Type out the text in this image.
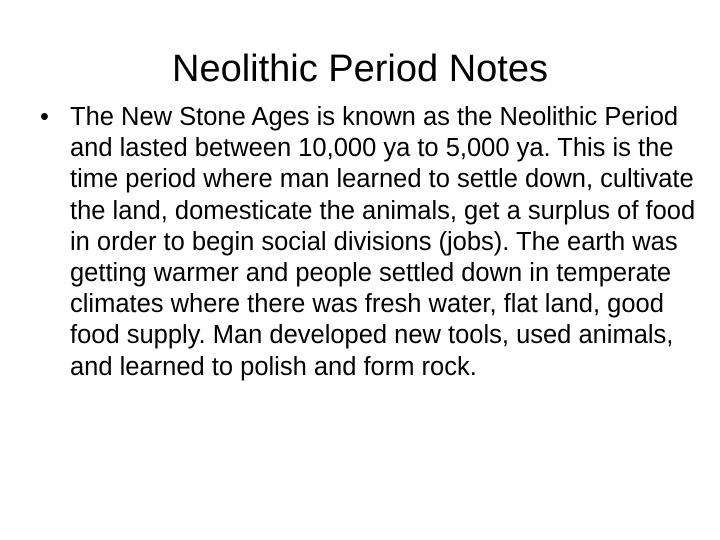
Neolithic Period Notes
• The New Stone Ages is known as the Neolithic Period and lasted between 10,000 ya to 5,000 ya. This is the time period where man learned to settle down, cultivate the land, domesticate the animals, get a surplus of food in order to begin social divisions (jobs). The earth was getting warmer and people settled down in temperate climates where there was fresh water, flat land, good food supply. Man developed new tools, used animals, and learned to polish and form rock.
